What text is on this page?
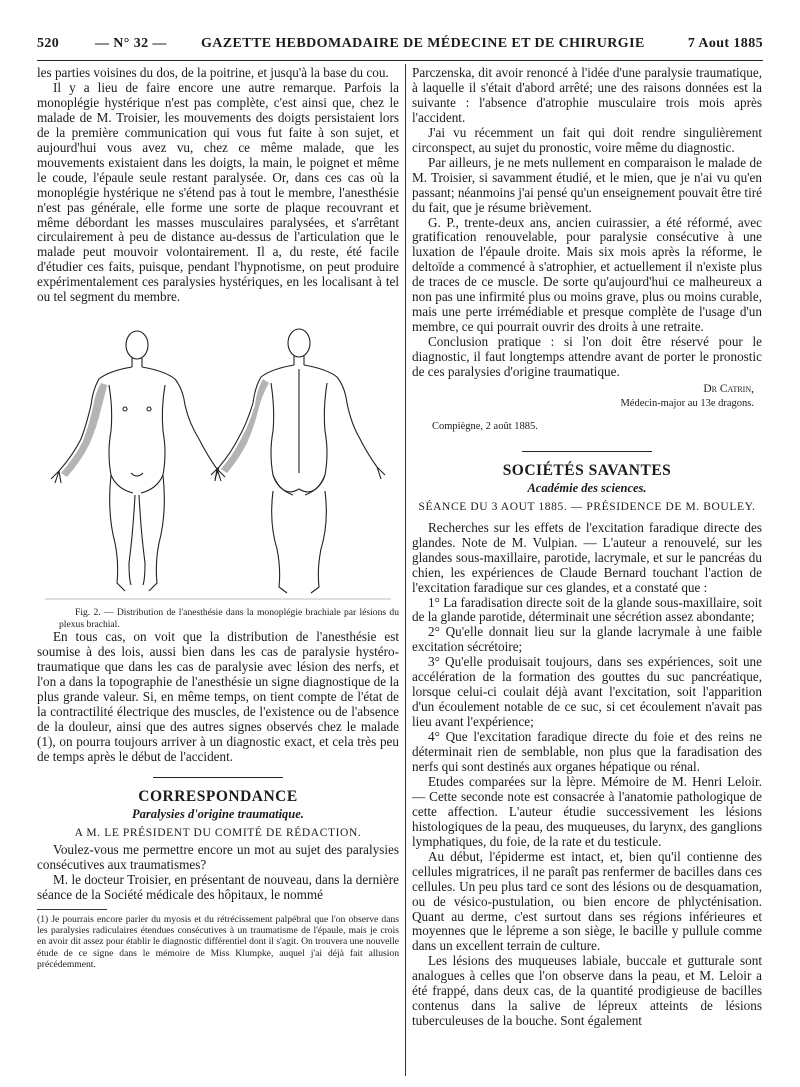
520	— N° 32 — GAZETTE HEBDOMADAIRE DE MÉDECINE ET DE CHIRURGIE	7 Aout 1885

les parties voisines du dos, de la poitrine, et jusqu'à la base du cou.

Il y a lieu de faire encore une autre remarque. Parfois la monoplégie hystérique n'est pas complète, c'est ainsi que, chez le malade de M. Troisier, les mouvements des doigts persistaient lors de la première communication qui vous fut faite à son sujet, et aujourd'hui vous avez vu, chez ce même malade, que les mouvements existaient dans les doigts, la main, le poignet et même le coude, l'épaule seule restant paralysée. Or, dans ces cas où la monoplégie hystérique ne s'étend pas à tout le membre, l'anesthésie n'est pas générale, elle forme une sorte de plaque recouvrant et même débordant les masses musculaires paralysées, et s'arrêtant circulairement à peu de distance au-dessus de l'articulation que le malade peut mouvoir volontairement. Il a, du reste, été facile d'étudier ces faits, puisque, pendant l'hypnotisme, on peut produire expérimentalement ces paralysies hystériques, en les localisant à tel ou tel segment du membre.

Fig. 2. — Distribution de l'anesthésie dans la monoplégie brachiale par lésions du plexus brachial.

En tous cas, on voit que la distribution de l'anesthésie est soumise à des lois, aussi bien dans les cas de paralysie hystéro-traumatique que dans les cas de paralysie avec lésion des nerfs, et l'on a dans la topographie de l'anesthésie un signe diagnostique de la plus grande valeur. Si, en même temps, on tient compte de l'état de la contractilité électrique des muscles, de l'existence ou de l'absence de la douleur, ainsi que des autres signes observés chez le malade (1), on pourra toujours arriver à un diagnostic exact, et cela très peu de temps après le début de l'accident.

CORRESPONDANCE
Paralysies d'origine traumatique.
A M. LE PRÉSIDENT DU COMITÉ DE RÉDACTION.

Voulez-vous me permettre encore un mot au sujet des paralysies consécutives aux traumatismes?

M. le docteur Troisier, en présentant de nouveau, dans la dernière séance de la Société médicale des hôpitaux, le nommé

(1) Je pourrais encore parler du myosis et du rétrécissement palpébral que l'on observe dans les paralysies radiculaires étendues consécutives à un traumatisme de l'épaule, mais je crois en avoir dit assez pour établir le diagnostic différentiel dont il s'agit. On trouvera une nouvelle étude de ce signe dans le mémoire de Miss Klumpke, auquel j'ai déjà fait allusion précédemment.

Parczenska, dit avoir renoncé à l'idée d'une paralysie traumatique, à laquelle il s'était d'abord arrêté; une des raisons données est la suivante : l'absence d'atrophie musculaire trois mois après l'accident.

J'ai vu récemment un fait qui doit rendre singulièrement circonspect, au sujet du pronostic, voire même du diagnostic.

Par ailleurs, je ne mets nullement en comparaison le malade de M. Troisier, si savamment étudié, et le mien, que je n'ai vu qu'en passant; néanmoins j'ai pensé qu'un enseignement pouvait être tiré du fait, que je résume brièvement.

G. P., trente-deux ans, ancien cuirassier, a été réformé, avec gratification renouvelable, pour paralysie consécutive à une luxation de l'épaule droite. Mais six mois après la réforme, le deltoïde a commencé à s'atrophier, et actuellement il n'existe plus de traces de ce muscle. De sorte qu'aujourd'hui ce malheureux a non pas une infirmité plus ou moins grave, plus ou moins curable, mais une perte irrémédiable et presque complète de l'usage d'un membre, ce qui pourrait ouvrir des droits à une retraite.

Conclusion pratique : si l'on doit être réservé pour le diagnostic, il faut longtemps attendre avant de porter le pronostic de ces paralysies d'origine traumatique.

Dr Catrin,
Médecin-major au 13e dragons.
Compiègne, 2 août 1885.
SOCIÉTÉS SAVANTES
Académie des sciences.
SÉANCE DU 3 AOUT 1885. — PRÉSIDENCE DE M. BOULEY.

Recherches sur les effets de l'excitation faradique directe des glandes. Note de M. Vulpian. — L'auteur a renouvelé, sur les glandes sous-maxillaire, parotide, lacrymale, et sur le pancréas du chien, les expériences de Claude Bernard touchant l'action de l'excitation faradique sur ces glandes, et a constaté que :

1° La faradisation directe soit de la glande sous-maxillaire, soit de la glande parotide, déterminait une sécrétion assez abondante;

2° Qu'elle donnait lieu sur la glande lacrymale à une faible excitation sécrétoire;

3° Qu'elle produisait toujours, dans ses expériences, soit une accélération de la formation des gouttes du suc pancréatique, lorsque celui-ci coulait déjà avant l'excitation, soit l'apparition d'un écoulement notable de ce suc, si cet écoulement n'avait pas lieu avant l'expérience;

4° Que l'excitation faradique directe du foie et des reins ne déterminait rien de semblable, non plus que la faradisation des nerfs qui sont destinés aux organes hépatique ou rénal.

Etudes comparées sur la lèpre. Mémoire de M. Henri Leloir. — Cette seconde note est consacrée à l'anatomie pathologique de cette affection. L'auteur étudie successivement les lésions histologiques de la peau, des muqueuses, du larynx, des ganglions lymphatiques, du foie, de la rate et du testicule.

Au début, l'épiderme est intact, et, bien qu'il contienne des cellules migratrices, il ne paraît pas renfermer de bacilles dans ces cellules. Un peu plus tard ce sont des lésions ou de desquamation, ou de vésico-pustulation, ou bien encore de phlycténisation. Quant au derme, c'est surtout dans ses régions inférieures et moyennes que le lépreme a son siège, le bacille y pullule comme dans un excellent terrain de culture.

Les lésions des muqueuses labiale, buccale et gutturale sont analogues à celles que l'on observe dans la peau, et M. Leloir a été frappé, dans deux cas, de la quantité prodigieuse de bacilles contenus dans la salive de lépreux atteints de lésions tuberculeuses de la bouche. Sont également
